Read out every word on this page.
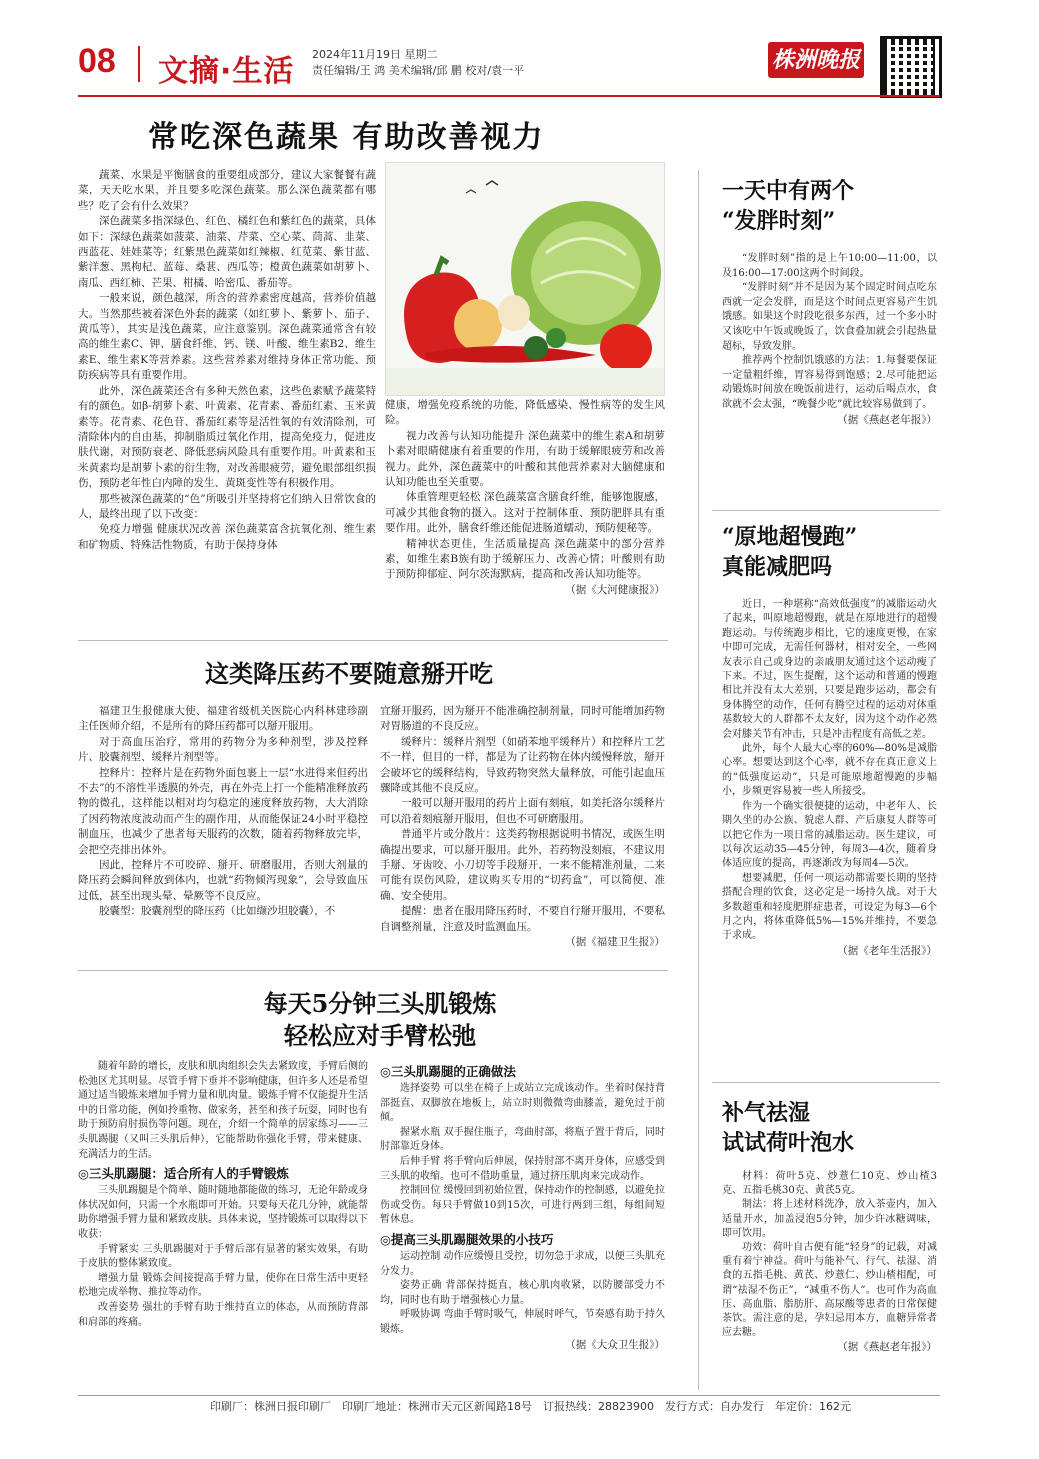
08 文摘·生活 2024年11月19日 星期二
责任编辑/王 鸿 美术编辑/邱 鹏 校对/袁一平	株洲晚报
常吃深色蔬果 有助改善视力

蔬菜、水果是平衡膳食的重要组成部分，建议大家餐餐有蔬菜，天天吃水果，并且要多吃深色蔬菜。那么深色蔬菜都有哪些？吃了会有什么效果？

深色蔬菜多指深绿色、红色、橘红色和紫红色的蔬菜，具体如下：深绿色蔬菜如菠菜、油菜、芹菜、空心菜、茼蒿、韭菜、西蓝花、娃娃菜等；红紫黑色蔬菜如红辣椒、红苋菜、紫甘蓝、紫洋葱、黑枸杞、蓝莓、桑葚、西瓜等；橙黄色蔬菜如胡萝卜、南瓜、西红柿、芒果、柑橘、哈密瓜、番茄等。

一般来说，颜色越深，所含的营养素密度越高，营养价值越大。当然那些被着深色外套的蔬菜（如红萝卜、紫萝卜、茄子、黄瓜等），其实是浅色蔬菜，应注意鉴别。深色蔬菜通常含有较高的维生素C、钾、膳食纤维、钙、镁、叶酸、维生素B2、维生素E、维生素K等营养素。这些营养素对维持身体正常功能、预防疾病等具有重要作用。

此外，深色蔬菜还含有多种天然色素，这些色素赋予蔬菜特有的颜色。如β-胡萝卜素、叶黄素、花青素、番茄红素、玉米黄素等。花青素、花色苷、番茄红素等是活性氧的有效清除剂，可清除体内的自由基，抑制脂质过氧化作用，提高免疫力，促进皮肤代谢，对预防衰老、降低恶病风险具有重要作用。叶黄素和玉米黄素均是胡萝卜素的衍生物，对改善眼疲劳，避免眼部组织损伤，预防老年性白内障的发生、黄斑变性等有积极作用。

那些被深色蔬菜的“色”所吸引并坚持将它们纳入日常饮食的人，最终出现了以下改变：

免疫力增强 健康状况改善 深色蔬菜富含抗氧化剂、维生素和矿物质、特殊活性物质，有助于保持身体

健康，增强免疫系统的功能，降低感染、慢性病等的发生风险。

视力改善与认知功能提升 深色蔬菜中的维生素A和胡萝卜素对眼睛健康有着重要的作用，有助于缓解眼疲劳和改善视力。此外，深色蔬菜中的叶酸和其他营养素对大脑健康和认知功能也至关重要。

体重管理更轻松 深色蔬菜富含膳食纤维，能够饱腹感，可减少其他食物的摄入。这对于控制体重、预防肥胖具有重要作用。此外，膳食纤维还能促进肠道蠕动，预防便秘等。

精神状态更佳，生活质量提高 深色蔬菜中的部分营养素，如维生素B族有助于缓解压力、改善心情；叶酸则有助于预防抑郁症、阿尔茨海默病，提高和改善认知功能等。

（据《大河健康报》）
这类降压药不要随意掰开吃

福建卫生报健康大使、福建省级机关医院心内科林建珍副主任医师介绍，不是所有的降压药都可以掰开服用。

对于高血压治疗，常用的药物分为多种剂型，涉及控释片、胶囊剂型、缓释片剂型等。

控释片：控释片是在药物外面包裹上一层“水进得来但药出不去”的不溶性半透膜的外壳，再在外壳上打一个能精准释放药物的微孔，这样能以相对均匀稳定的速度释放药物，大大消除了因药物浓度波动而产生的副作用，从而能保证24小时平稳控制血压，也减少了患者每天服药的次数，随着药物释放完毕，会把空壳排出体外。

因此，控释片不可咬碎、掰开、研磨服用，否则大剂量的降压药会瞬间释放到体内，也就“药物倾泻现象”，会导致血压过低，甚至出现头晕、晕厥等不良反应。

胶囊型：胶囊剂型的降压药（比如缬沙坦胶囊），不

宜掰开服药，因为掰开不能准确控制剂量，同时可能增加药物对胃肠道的不良反应。

缓释片：缓释片剂型（如硝苯地平缓释片）和控释片工艺不一样，但目的一样，都是为了让药物在体内缓慢释放，掰开会破坏它的缓释结构，导致药物突然大量释放，可能引起血压骤降或其他不良反应。

一般可以掰开服用的药片上面有刻痕，如美托洛尔缓释片可以沿着刻痕掰开服用，但也不可研磨服用。

普通平片或分散片：这类药物根据说明书情况，或医生明确提出要求，可以掰开服用。此外，若药物没刻痕，不建议用手掰、牙齿咬、小刀切等手段掰开，一来不能精准剂量，二来可能有误伤风险，建议购买专用的“切药盒”，可以简便、准确、安全使用。

提醒：患者在服用降压药时，不要自行掰开服用，不要私自调整剂量，注意及时监测血压。

（据《福建卫生报》）
每天5分钟三头肌锻炼
轻松应对手臂松弛

随着年龄的增长，皮肤和肌肉组织会失去紧致度，手臂后侧的松弛区尤其明显。尽管手臂下垂并不影响健康，但许多人还是希望通过适当锻炼来增加手臂力量和肌肉量。锻炼手臂不仅能提升生活中的日常功能，例如拎重物、做家务，甚至和孩子玩耍，同时也有助于预防肩肘损伤等问题。现在，介绍一个简单的居家练习——三头肌踢腿（又叫三头肌后伸），它能帮助你强化手臂，带来健康、充满活力的生活。

◎三头肌踢腿：适合所有人的手臂锻炼

三头肌踢腿是个简单、随时随地都能做的练习，无论年龄或身体状况如何，只需一个水瓶即可开始。只要每天花几分钟，就能帮助你增强手臂力量和紧致皮肤。具体来说，坚持锻炼可以取得以下收获：

手臂紧实 三头肌踢腿对于手臂后部有显著的紧实效果，有助于皮肤的整体紧致度。

增强力量 锻炼会间接提高手臂力量，使你在日常生活中更轻松地完成举物、推拉等动作。

改善姿势 强壮的手臂有助于维持直立的体态，从而预防背部和肩部的疼痛。

◎三头肌踢腿的正确做法

选择姿势 可以坐在椅子上或站立完成该动作。坐着时保持背部挺直、双脚放在地板上，站立时则微微弯曲膝盖，避免过于前倾。

握紧水瓶 双手握住瓶子，弯曲肘部，将瓶子置于背后，同时肘部靠近身体。

后伸手臂 将手臂向后伸展，保持肘部不离开身体，应感受到三头肌的收缩。也可不借助重量，通过挤压肌肉来完成动作。

控制回位 缓慢回到初始位置，保持动作的控制感，以避免拉伤或受伤。每只手臂做10到15次，可进行两到三组，每组间短暂休息。

◎提高三头肌踢腿效果的小技巧

运动控制 动作应缓慢且受控，切勿急于求成，以便三头肌充分发力。

姿势正确 背部保持挺直，核心肌肉收紧，以防腰部受力不均，同时也有助于增强核心力量。

呼吸协调 弯曲手臂时吸气，伸展时呼气，节奏感有助于持久锻炼。

（据《大众卫生报》）
一天中有两个
“发胖时刻”

“发胖时刻”指的是上午10:00—11:00，以及16:00—17:00这两个时间段。

“发胖时刻”并不是因为某个固定时间点吃东西就一定会发胖，而是这个时间点更容易产生饥饿感。如果这个时段吃很多东西，过一个多小时又该吃中午饭或晚饭了，饮食叠加就会引起热量超标，导致发胖。

推荐两个控制饥饿感的方法：1.每餐要保证一定量粗纤维，胃容易得到饱感；2.尽可能把运动锻炼时间放在晚饭前进行，运动后喝点水，食欲就不会太强，“晚餐少吃”就比较容易做到了。

（据《燕赵老年报》）
“原地超慢跑”
真能减肥吗

近日，一种堪称“高效低强度”的减脂运动火了起来，叫原地超慢跑，就是在原地进行的超慢跑运动。与传统跑步相比，它的速度更慢，在家中即可完成，无需任何器材，相对安全，一些网友表示自己或身边的亲戚朋友通过这个运动瘦了下来。不过，医生提醒，这个运动和普通的慢跑相比并没有太大差别，只要是跑步运动，都会有身体腾空的动作，任何有腾空过程的运动对体重基数较大的人群都不太友好，因为这个动作必然会对膝关节有冲击，只是冲击程度有高低之差。

此外，每个人最大心率的60%—80%是减脂心率。想要达到这个心率，就不存在真正意义上的“低强度运动”，只是可能原地超慢跑的步幅小，步频更容易被一些人所接受。

作为一个确实很便捷的运动，中老年人、长期久坐的办公族、貌虑人群、产后康复人群等可以把它作为一项日常的减脂运动。医生建议，可以每次运动35—45分钟，每周3—4次，随着身体适应度的提高，再逐渐改为每周4—5次。

想要减肥，任何一项运动都需要长期的坚持搭配合理的饮食，这必定是一场持久战。对于大多数超重和轻度肥胖症患者，可设定为每3—6个月之内，将体重降低5%—15%并维持，不要急于求成。

（据《老年生活报》）
补气祛湿
试试荷叶泡水

材料：荷叶5克、炒薏仁10克、炒山楂3克、五指毛桃30克、黄芪5克。

制法：将上述材料洗净，放入茶壶内，加入适量开水，加盖浸泡5分钟，加少许冰糖调味，即可饮用。

功效：荷叶自古便有能“轻身”的记载，对减重有着宁神益。荷叶与能补气、行气、祛湿、消食的五指毛桃、黄芪、炒薏仁、炒山楂相配，可谓“祛湿不伤正”，“减重不伤人”。也可作为高血压、高血脂、脂肪肝、高尿酸等患者的日常保健茶饮。需注意的是，孕妇忌用本方，血糖异常者应去糖。

（据《燕赵老年报》）
印刷厂：株洲日报印刷厂　印刷厂地址：株洲市天元区新闻路18号　订报热线：28823900　发行方式：自办发行　年定价：162元
